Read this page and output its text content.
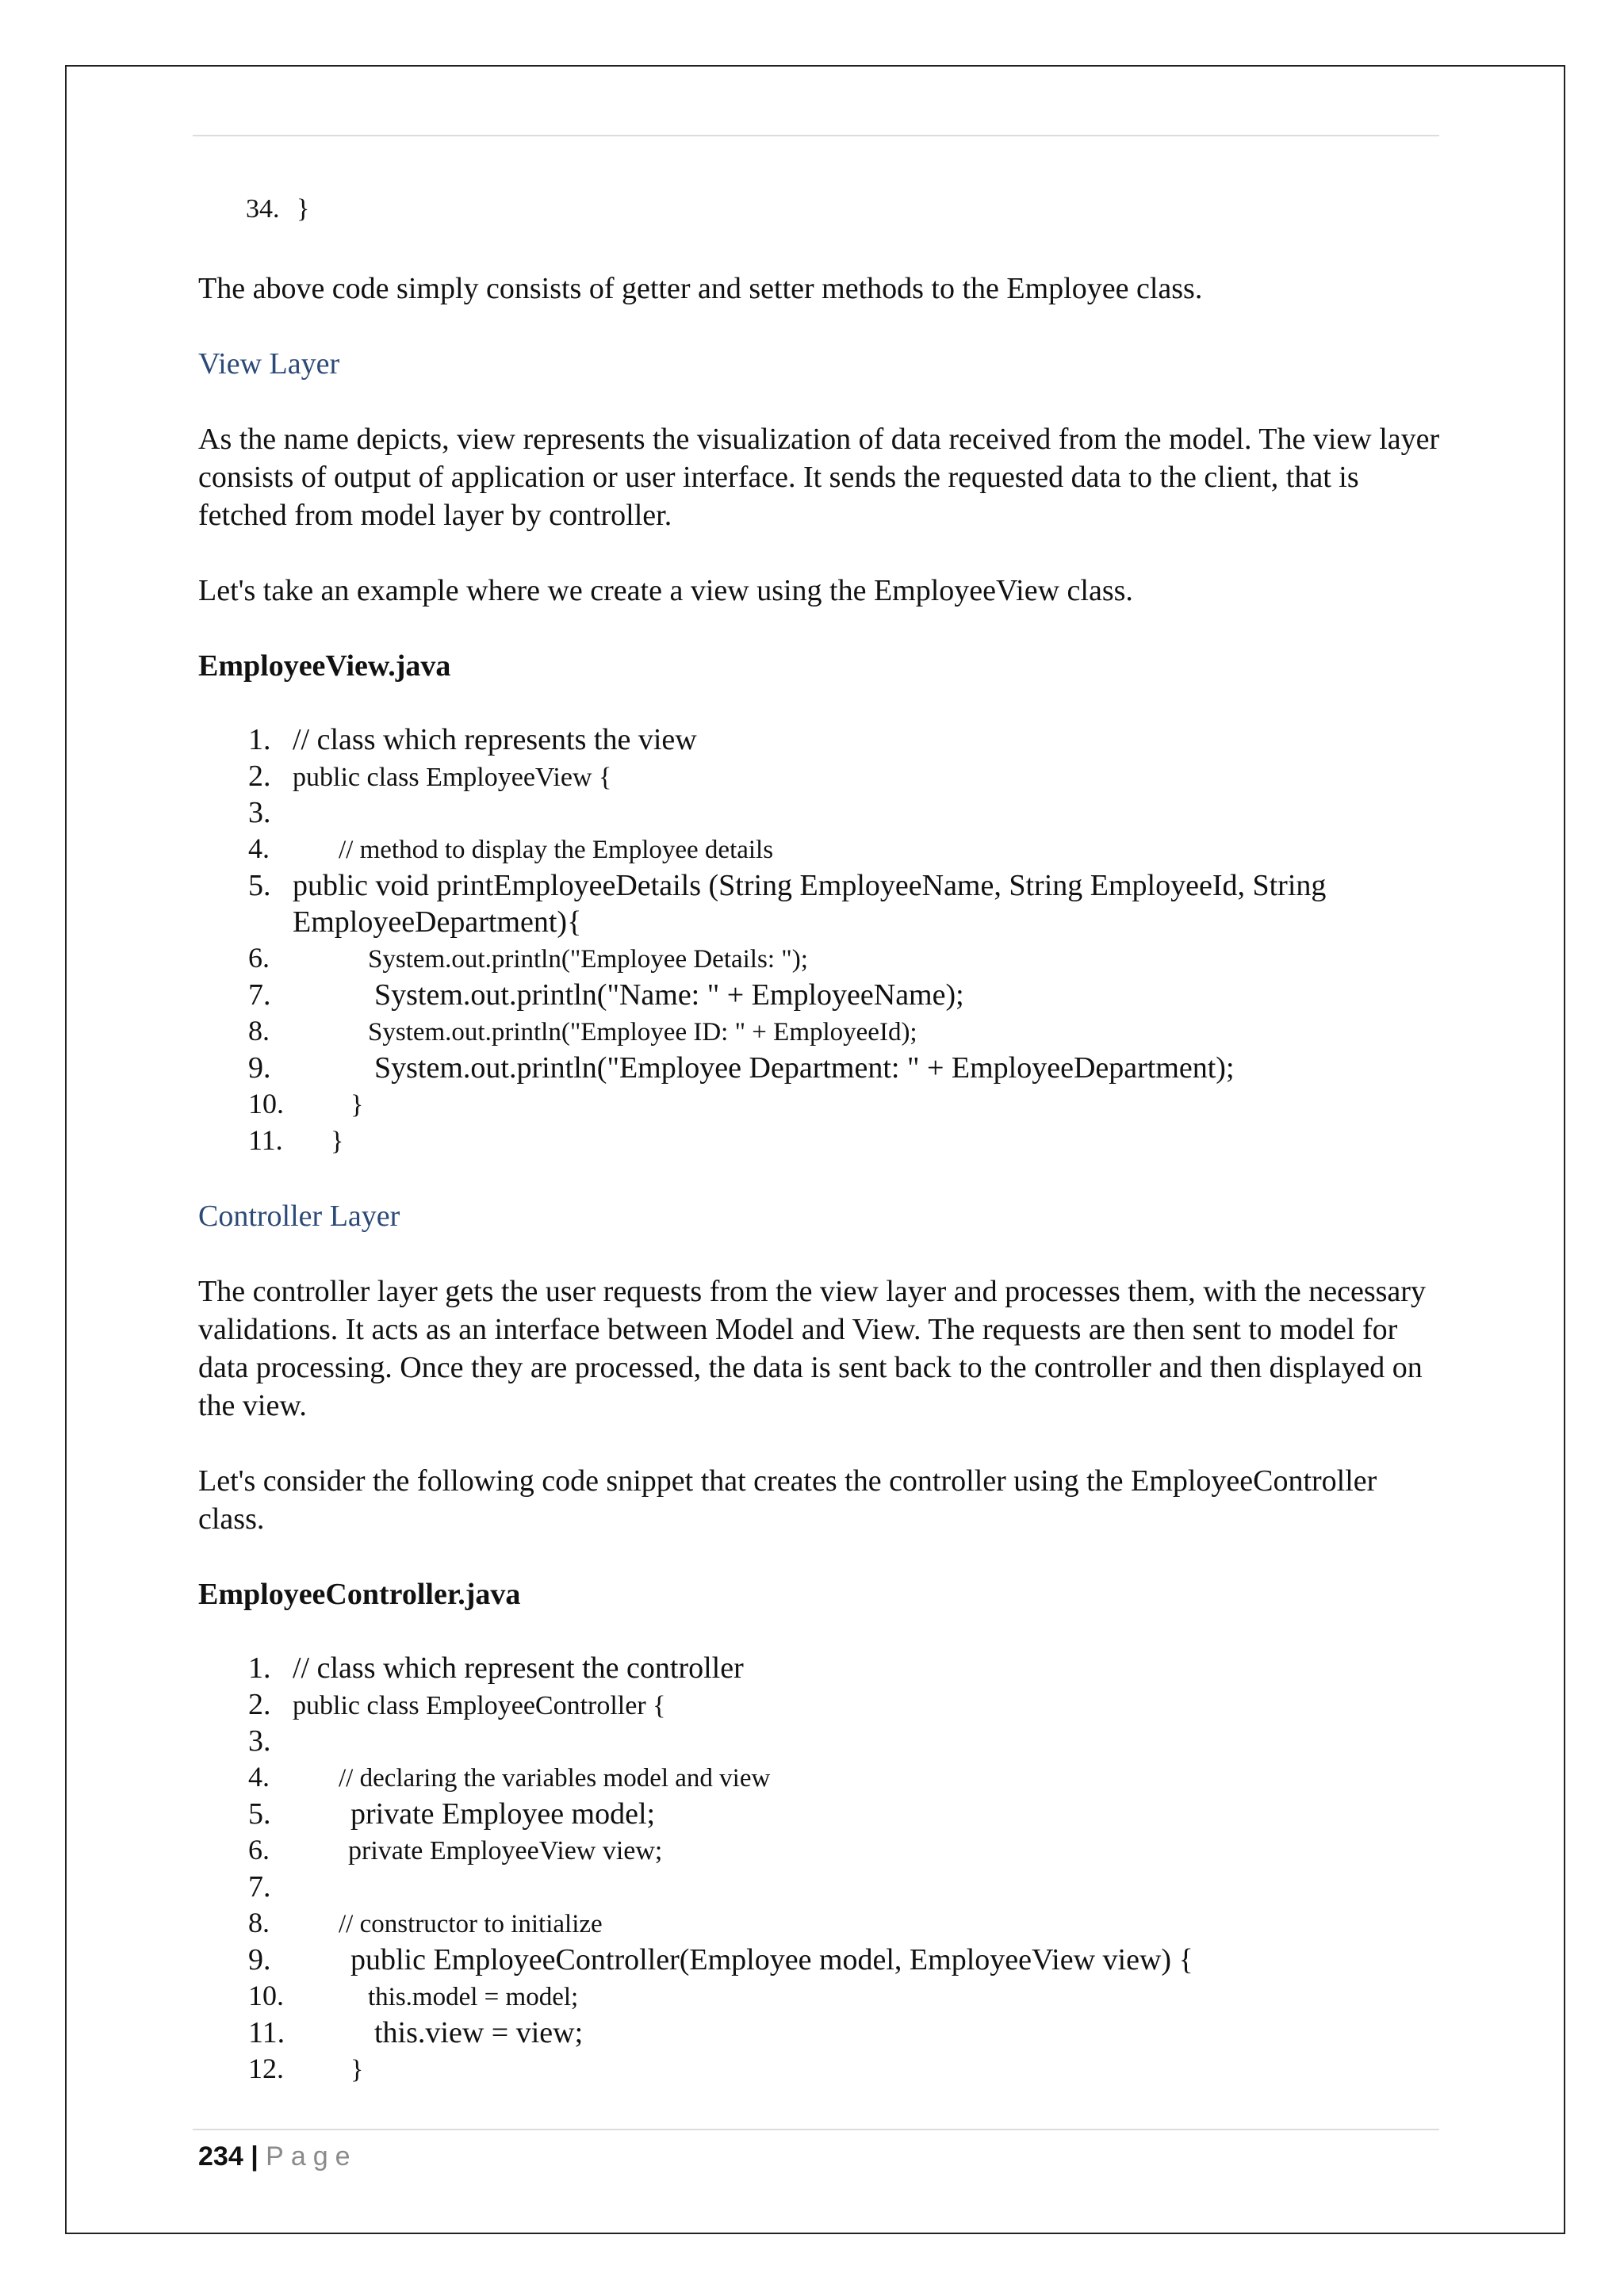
34. }

The above code simply consists of getter and setter methods to the Employee class.

View Layer

As the name depicts, view represents the visualization of data received from the model. The view layer consists of output of application or user interface. It sends the requested data to the client, that is fetched from model layer by controller.

Let's take an example where we create a view using the EmployeeView class.

EmployeeView.java

1. // class which represents the view
2. public class EmployeeView {
3.
4.	// method to display the Employee details
5. public void printEmployeeDetails (String EmployeeName, String EmployeeId, String
EmployeeDepartment){
6.	System.out.println("Employee Details: ");
7.	System.out.println("Name: " + EmployeeName);
8.	System.out.println("Employee ID: " + EmployeeId);
9.	System.out.println("Employee Department: " + EmployeeDepartment);
10.	}
11.	}

Controller Layer

The controller layer gets the user requests from the view layer and processes them, with the necessary validations. It acts as an interface between Model and View. The requests are then sent to model for data processing. Once they are processed, the data is sent back to the controller and then displayed on the view.

Let's consider the following code snippet that creates the controller using the EmployeeController class.

EmployeeController.java

1. // class which represent the controller
2. public class EmployeeController {
3.
4.	// declaring the variables model and view
5.	private Employee model;
6.	private EmployeeView view;
7.
8.	// constructor to initialize
9.	public EmployeeController(Employee model, EmployeeView view) {
10.	this.model = model;
11.	this.view = view;
12.	}
234 | Page
